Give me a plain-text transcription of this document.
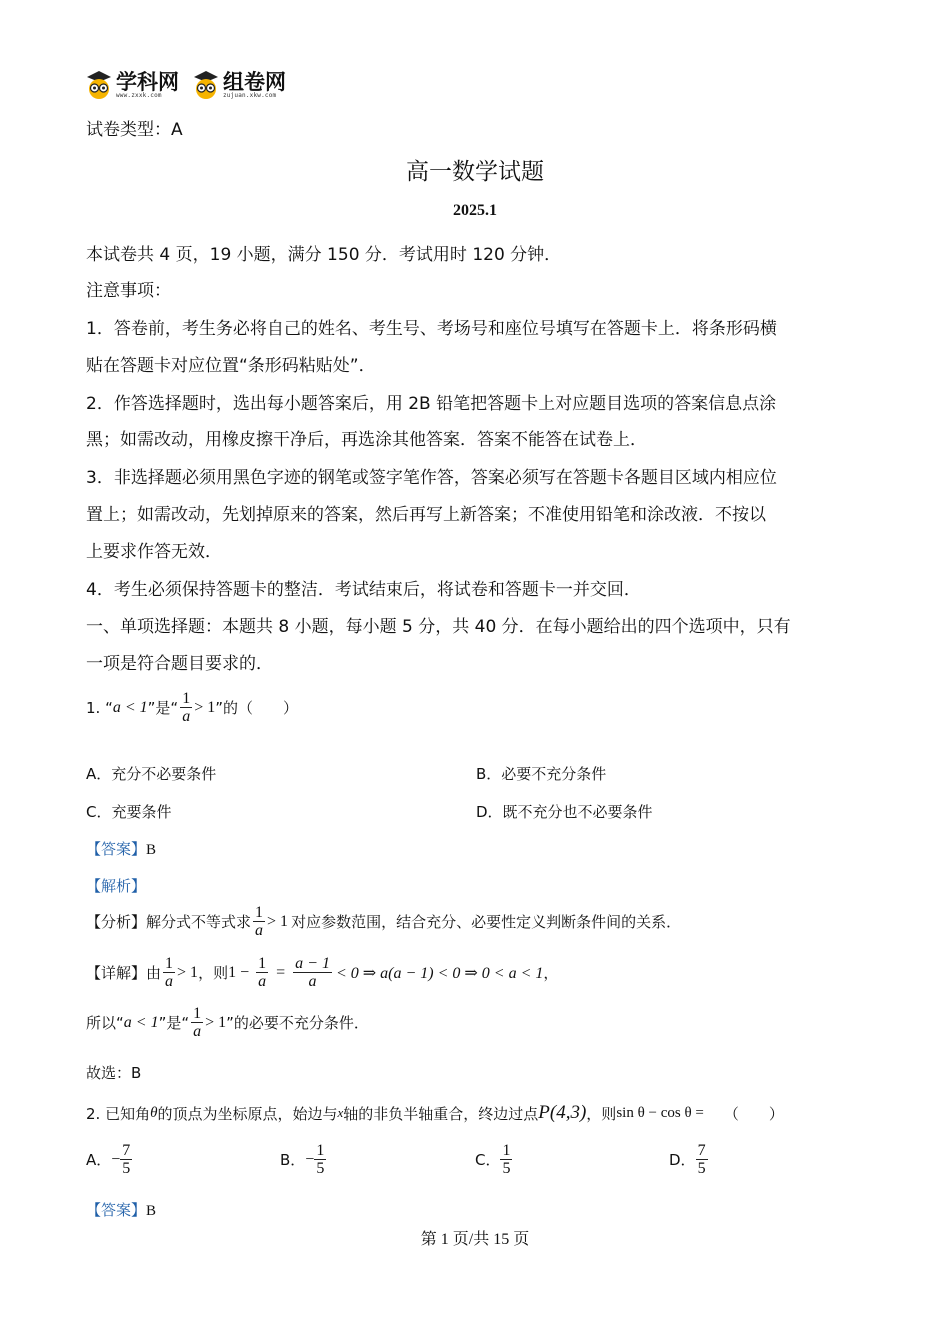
学科网
www.zxxk.com
组卷网
zujuan.xkw.com
试卷类型：A
高一数学试题
2025.1
本试卷共 4 页，19 小题，满分 150 分．考试用时 120 分钟．
注意事项：
1．答卷前，考生务必将自己的姓名、考生号、考场号和座位号填写在答题卡上．将条形码横
贴在答题卡对应位置“条形码粘贴处”．
2．作答选择题时，选出每小题答案后，用 2B 铅笔把答题卡上对应题目选项的答案信息点涂
黑；如需改动，用橡皮擦干净后，再选涂其他答案．答案不能答在试卷上．
3．非选择题必须用黑色字迹的钢笔或签字笔作答，答案必须写在答题卡各题目区域内相应位
置上；如需改动，先划掉原来的答案，然后再写上新答案；不准使用铅笔和涂改液．不按以
上要求作答无效．
4．考生必须保持答题卡的整洁．考试结束后，将试卷和答题卡一并交回．
一、单项选择题：本题共 8 小题，每小题 5 分，共 40 分．在每小题给出的四个选项中，只有
一项是符合题目要求的．
1. “ a < 1 ”是“ $\frac{1}{a} > 1$ ”的（　　）
A．充分不必要条件	B．必要不充分条件
C．充要条件	D．既不充分也不必要条件
【答案】B
【解析】
【分析】 解分式不等式求 $\frac{1}{a} > 1$ 对应参数范围，结合充分、必要性定义判断条件间的关系．
【详解】 由 $\frac{1}{a} > 1$ ，则 $1 - \frac{1}{a} = \frac{a - 1}{a} < 0$ ⇒ a(a − 1) < 0 ⇒ 0 < a < 1 ，
所以“ a < 1 ”是“ $\frac{1}{a} > 1$ ”的必要不充分条件．
故选：B
2. 已知角 θ 的顶点为坐标原点，始边与 x 轴的非负半轴重合，终边过点 P(4,3) ，则 sin θ − cos θ = （　　）
A． − $\frac{7}{5}$	B． − $\frac{1}{5}$	C． $\frac{1}{5}$	D． $\frac{7}{5}$
【答案】B
第 1 页/共 15 页
